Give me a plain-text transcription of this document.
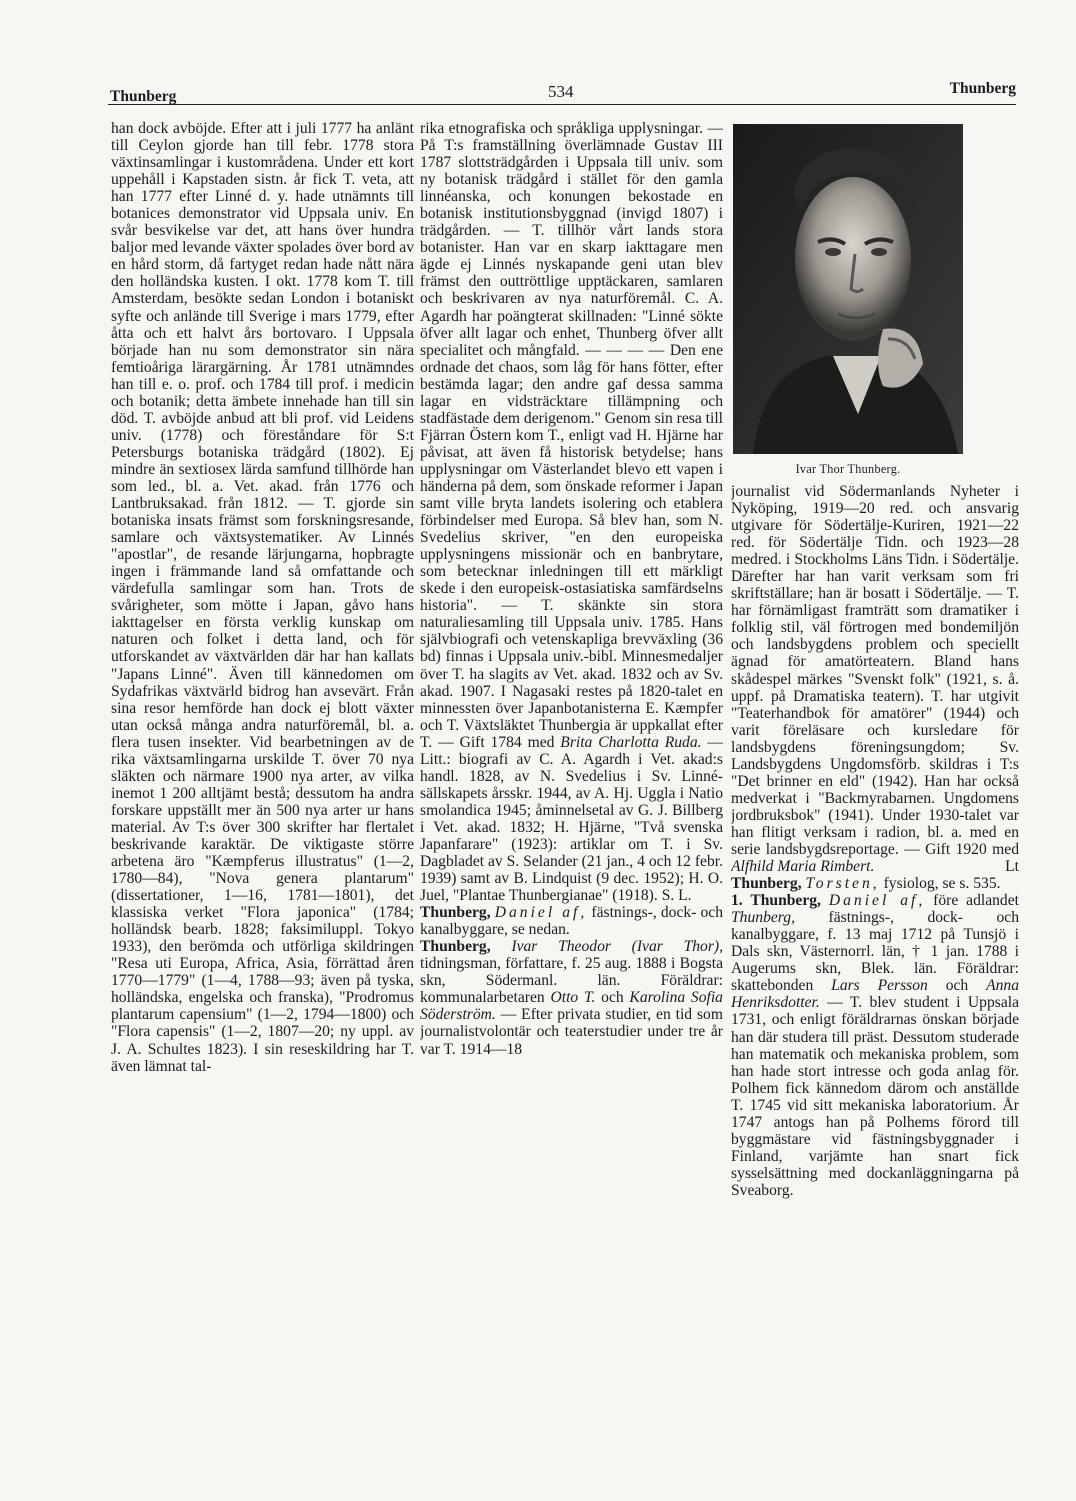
Thunberg	534	Thunberg

han dock avböjde. Efter att i juli 1777 ha anlänt till Ceylon gjorde han till febr. 1778 stora växtinsamlingar i kustområdena. Under ett kort uppehåll i Kapstaden sistn. år fick T. veta, att han 1777 efter Linné d. y. hade utnämnts till botanices demonstrator vid Uppsala univ. En svår besvikelse var det, att hans över hundra baljor med levande växter spolades över bord av en hård storm, då fartyget redan hade nått nära den holländska kusten. I okt. 1778 kom T. till Amsterdam, besökte sedan London i botaniskt syfte och anlände till Sverige i mars 1779, efter åtta och ett halvt års bortovaro. I Uppsala började han nu som demonstrator sin nära femtioåriga lärargärning. År 1781 utnämndes han till e. o. prof. och 1784 till prof. i medicin och botanik; detta ämbete innehade han till sin död. T. avböjde anbud att bli prof. vid Leidens univ. (1778) och föreståndare för S:t Petersburgs botaniska trädgård (1802). Ej mindre än sextiosex lärda samfund tillhörde han som led., bl. a. Vet. akad. från 1776 och Lantbruksakad. från 1812. — T. gjorde sin botaniska insats främst som forskningsresande, samlare och växtsystematiker. Av Linnés "apostlar", de resande lärjungarna, hopbragte ingen i främmande land så omfattande och värdefulla samlingar som han. Trots de svårigheter, som mötte i Japan, gåvo hans iakttagelser en första verklig kunskap om naturen och folket i detta land, och för utforskandet av växtvärlden där har han kallats "Japans Linné". Även till kännedomen om Sydafrikas växtvärld bidrog han avsevärt. Från sina resor hemförde han dock ej blott växter utan också många andra naturföremål, bl. a. flera tusen insekter. Vid bearbetningen av de rika växtsamlingarna urskilde T. över 70 nya släkten och närmare 1900 nya arter, av vilka inemot 1 200 alltjämt bestå; dessutom ha andra forskare uppställt mer än 500 nya arter ur hans material. Av T:s över 300 skrifter har flertalet beskrivande karaktär. De viktigaste större arbetena äro "Kæmpferus illustratus" (1—2, 1780—84), "Nova genera plantarum" (dissertationer, 1—16, 1781—1801), det klassiska verket "Flora japonica" (1784; holländsk bearb. 1828; faksimiluppl. Tokyo 1933), den berömda och utförliga skildringen "Resa uti Europa, Africa, Asia, förrättad åren 1770—1779" (1—4, 1788—93; även på tyska, holländska, engelska och franska), "Prodromus plantarum capensium" (1—2, 1794—1800) och "Flora capensis" (1—2, 1807—20; ny uppl. av J. A. Schultes 1823). I sin reseskildring har T. även lämnat tal-

rika etnografiska och språkliga upplysningar. — På T:s framställning överlämnade Gustav III 1787 slottsträdgården i Uppsala till univ. som ny botanisk trädgård i stället för den gamla linnéanska, och konungen bekostade en botanisk institutionsbyggnad (invigd 1807) i trädgården. — T. tillhör vårt lands stora botanister. Han var en skarp iakttagare men ägde ej Linnés nyskapande geni utan blev främst den outtröttlige upptäckaren, samlaren och beskrivaren av nya naturföremål. C. A. Agardh har poängterat skillnaden: "Linné sökte öfver allt lagar och enhet, Thunberg öfver allt specialitet och mångfald. — — — — Den ene ordnade det chaos, som låg för hans fötter, efter bestämda lagar; den andre gaf dessa samma lagar en vidsträcktare tillämpning och stadfästade dem derigenom." Genom sin resa till Fjärran Östern kom T., enligt vad H. Hjärne har påvisat, att även få historisk betydelse; hans upplysningar om Västerlandet blevo ett vapen i händerna på dem, som önskade reformer i Japan samt ville bryta landets isolering och etablera förbindelser med Europa. Så blev han, som N. Svedelius skriver, "en den europeiska upplysningens missionär och en banbrytare, som betecknar inledningen till ett märkligt skede i den europeisk-ostasiatiska samfärdselns historia". — T. skänkte sin stora naturaliesamling till Uppsala univ. 1785. Hans självbiografi och vetenskapliga brevväxling (36 bd) finnas i Uppsala univ.-bibl. Minnesmedaljer över T. ha slagits av Vet. akad. 1832 och av Sv. akad. 1907. I Nagasaki restes på 1820-talet en minnessten över Japanbotanisterna E. Kæmpfer och T. Växtsläktet Thunbergia är uppkallat efter T. — Gift 1784 med Brita Charlotta Ruda. — Litt.: biografi av C. A. Agardh i Vet. akad:s handl. 1828, av N. Svedelius i Sv. Linné-sällskapets årsskr. 1944, av A. Hj. Uggla i Natio smolandica 1945; åminnelsetal av G. J. Billberg i Vet. akad. 1832; H. Hjärne, "Två svenska Japanfarare" (1923): artiklar om T. i Sv. Dagbladet av S. Selander (21 jan., 4 och 12 febr. 1939) samt av B. Lindquist (9 dec. 1952); H. O. Juel, "Plantae Thunbergianae" (1918). S. L.

Thunberg, Daniel af, fästnings-, dock- och kanalbyggare, se nedan.

Thunberg, Ivar Theodor (Ivar Thor), tidningsman, författare, f. 25 aug. 1888 i Bogsta skn, Södermanl. län. Föräldrar: kommunalarbetaren Otto T. och Karolina Sofia Söderström. — Efter privata studier, en tid som journalistvolontär och teaterstudier under tre år var T. 1914—18

Ivar Thor Thunberg.

journalist vid Södermanlands Nyheter i Nyköping, 1919—20 red. och ansvarig utgivare för Södertälje-Kuriren, 1921—22 red. för Södertälje Tidn. och 1923—28 medred. i Stockholms Läns Tidn. i Södertälje. Därefter har han varit verksam som fri skriftställare; han är bosatt i Södertälje. — T. har förnämligast framträtt som dramatiker i folklig stil, väl förtrogen med bondemiljön och landsbygdens problem och speciellt ägnad för amatörteatern. Bland hans skådespel märkes "Svenskt folk" (1921, s. å. uppf. på Dramatiska teatern). T. har utgivit "Teaterhandbok för amatörer" (1944) och varit föreläsare och kursledare för landsbygdens föreningsungdom; Sv. Landsbygdens Ungdomsförb. skildras i T:s "Det brinner en eld" (1942). Han har också medverkat i "Backmyrabarnen. Ungdomens jordbruksbok" (1941). Under 1930-talet var han flitigt verksam i radion, bl. a. med en serie landsbygdsreportage. — Gift 1920 med Alfhild Maria Rimbert.	Lt

Thunberg, Torsten, fysiolog, se s. 535.

1. Thunberg, Daniel af, före adlandet Thunberg, fästnings-, dock- och kanalbyggare, f. 13 maj 1712 på Tunsjö i Dals skn, Västernorrl. län, † 1 jan. 1788 i Augerums skn, Blek. län. Föräldrar: skattebonden Lars Persson och Anna Henriksdotter. — T. blev student i Uppsala 1731, och enligt föräldrarnas önskan började han där studera till präst. Dessutom studerade han matematik och mekaniska problem, som han hade stort intresse och goda anlag för. Polhem fick kännedom därom och anställde T. 1745 vid sitt mekaniska laboratorium. År 1747 antogs han på Polhems förord till byggmästare vid fästningsbyggnader i Finland, varjämte han snart fick sysselsättning med dockanläggningarna på Sveaborg.
